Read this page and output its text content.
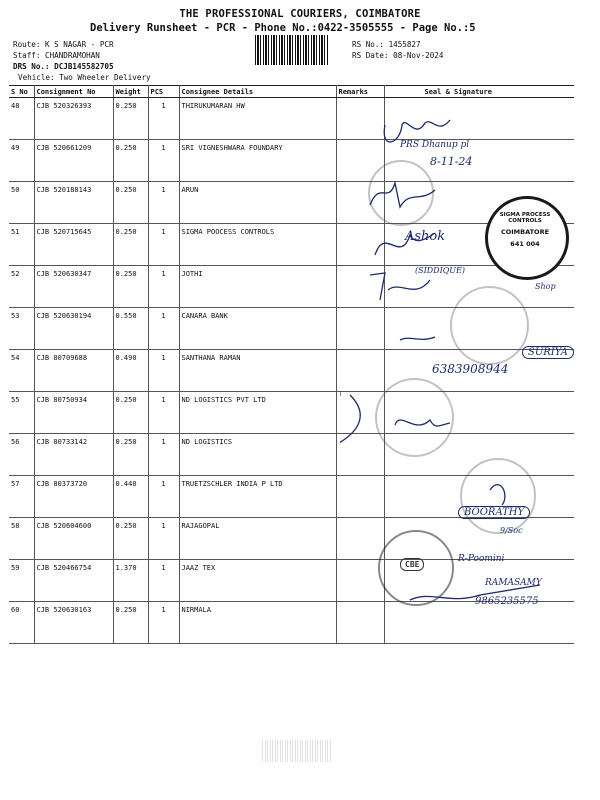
THE PROFESSIONAL COURIERS, COIMBATORE
Delivery Runsheet - PCR - Phone No.:0422-3505555 - Page No.:5
Route: K S NAGAR - PCR
Staff: CHANDRAMOHAN
DRS No.: DCJB145582705
Vehicle: Two Wheeler Delivery
RS No.: 1455827
RS Date: 08-Nov-2024
S No	Consignment No	Weight	PCS	Consignee Details	Remarks	Seal & Signature
48	CJB 520326393	0.250	1	THIRUKUMARAN HW		
49	CJB 520661209	0.250	1	SRI VIGNESHWARA FOUNDARY		
50	CJB 520188143	0.250	1	ARUN		
51	CJB 520715645	0.250	1	SIGMA POOCESS CONTROLS		
52	CJB 520630347	0.250	1	JOTHI		
53	CJB 520630194	0.550	1	CANARA BANK		
54	CJB 80709688	0.490	1	SANTHANA RAMAN		
55	CJB 80750934	0.250	1	ND LOGISTICS PVT LTD		
56	CJB 80733142	0.250	1	ND LOGISTICS		
57	CJB 80373720	0.440	1	TRUETZSCHLER INDIA P LTD		
58	CJB 520604600	0.250	1	RAJAGOPAL		
59	CJB 520466754	1.370	1	JAAZ TEX		
60	CJB 520630163	0.250	1	NIRMALA		
CBE
SIGMA PROCESS CONTROLS
COIMBATORE
641 004
PRS Dhanup pl
8-11-24
Ashok
(SIDDIQUE)
Shop
SURIYA
6383908944
BOORATHY
9/Soc
R-Poomini
RAMASAMY
9865235575
